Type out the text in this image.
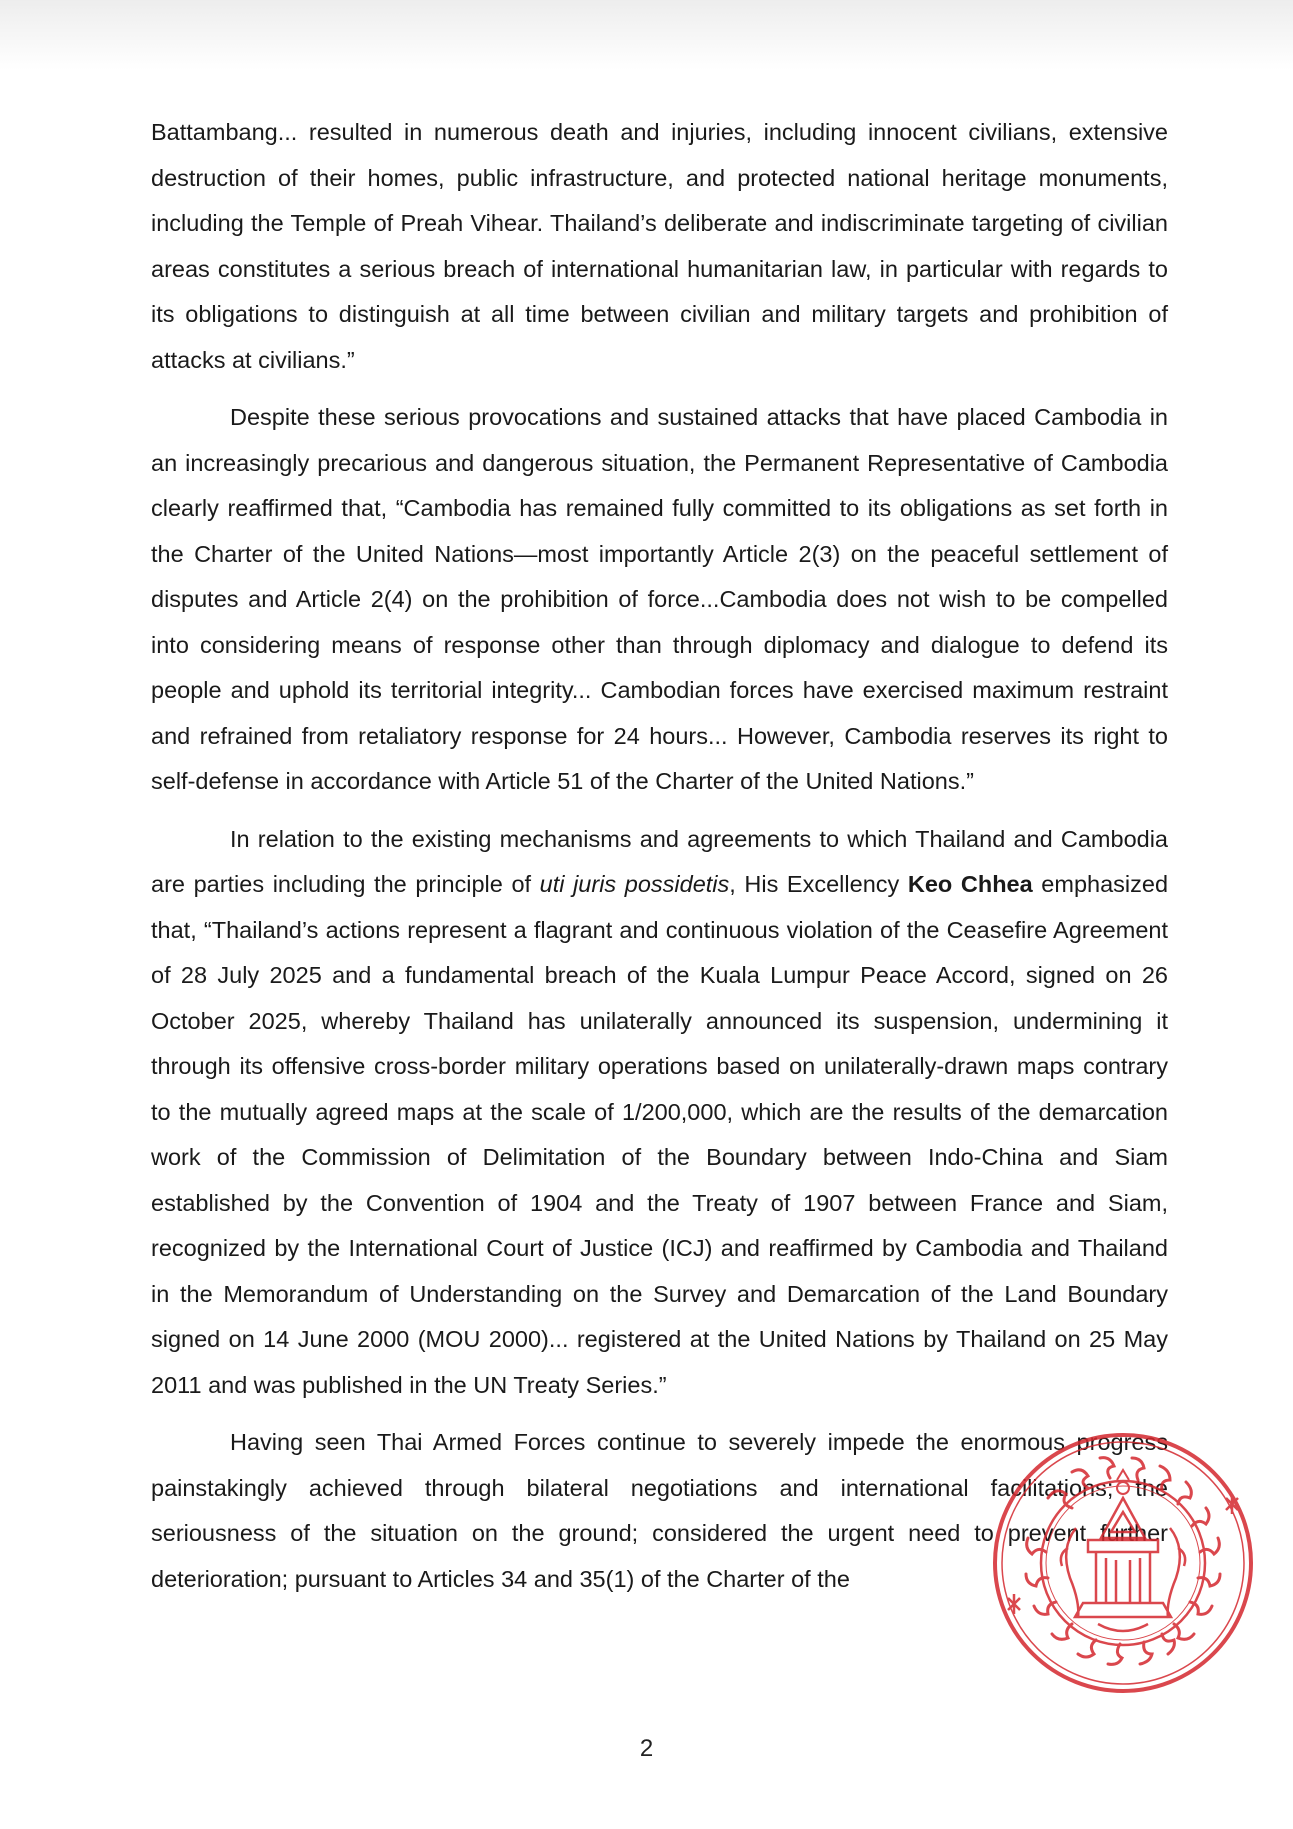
Battambang... resulted in numerous death and injuries, including innocent civilians, extensive destruction of their homes, public infrastructure, and protected national heritage monuments, including the Temple of Preah Vihear. Thailand’s deliberate and indiscriminate targeting of civilian areas constitutes a serious breach of international humanitarian law, in particular with regards to its obligations to distinguish at all time between civilian and military targets and prohibition of attacks at civilians.”

Despite these serious provocations and sustained attacks that have placed Cambodia in an increasingly precarious and dangerous situation, the Permanent Representative of Cambodia clearly reaffirmed that, “Cambodia has remained fully committed to its obligations as set forth in the Charter of the United Nations—most importantly Article 2(3) on the peaceful settlement of disputes and Article 2(4) on the prohibition of force...Cambodia does not wish to be compelled into considering means of response other than through diplomacy and dialogue to defend its people and uphold its territorial integrity... Cambodian forces have exercised maximum restraint and refrained from retaliatory response for 24 hours... However, Cambodia reserves its right to self-defense in accordance with Article 51 of the Charter of the United Nations.”

In relation to the existing mechanisms and agreements to which Thailand and Cambodia are parties including the principle of uti juris possidetis, His Excellency Keo Chhea emphasized that, “Thailand’s actions represent a flagrant and continuous violation of the Ceasefire Agreement of 28 July 2025 and a fundamental breach of the Kuala Lumpur Peace Accord, signed on 26 October 2025, whereby Thailand has unilaterally announced its suspension, undermining it through its offensive cross-border military operations based on unilaterally-drawn maps contrary to the mutually agreed maps at the scale of 1/200,000, which are the results of the demarcation work of the Commission of Delimitation of the Boundary between Indo-China and Siam established by the Convention of 1904 and the Treaty of 1907 between France and Siam, recognized by the International Court of Justice (ICJ) and reaffirmed by Cambodia and Thailand in the Memorandum of Understanding on the Survey and Demarcation of the Land Boundary signed on 14 June 2000 (MOU 2000)... registered at the United Nations by Thailand on 25 May 2011 and was published in the UN Treaty Series.”

Having seen Thai Armed Forces continue to severely impede the enormous progress painstakingly achieved through bilateral negotiations and international facilitations; the seriousness of the situation on the ground; considered the urgent need to prevent further deterioration; pursuant to Articles 34 and 35(1) of the Charter of the

2
